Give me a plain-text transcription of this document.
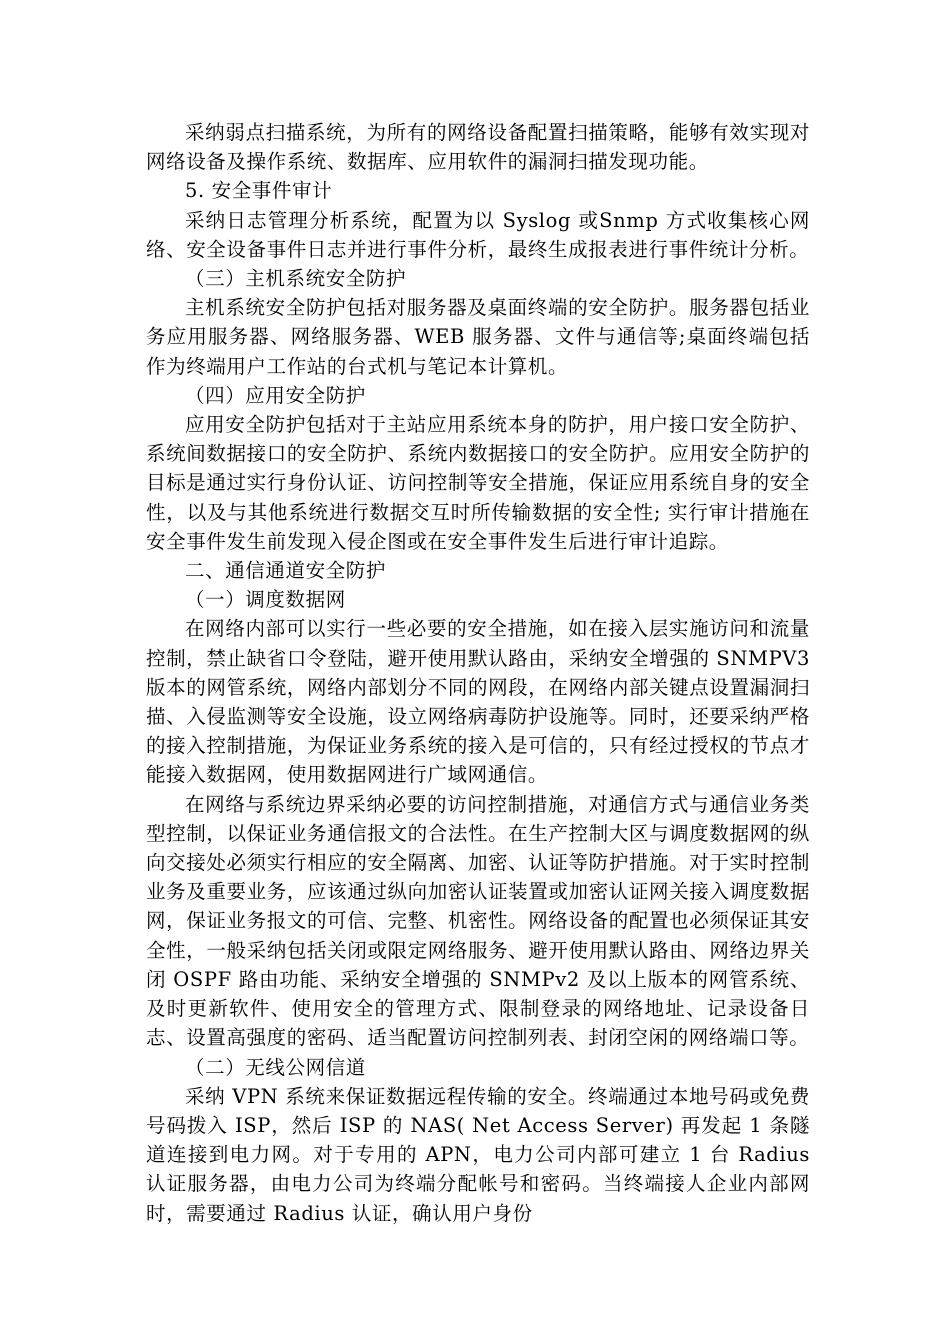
采纳弱点扫描系统，为所有的网络设备配置扫描策略，能够有效实现对网络设备及操作系统、数据库、应用软件的漏洞扫描发现功能。

5. 安全事件审计

采纳日志管理分析系统，配置为以 Syslog 或Snmp 方式收集核心网络、安全设备事件日志并进行事件分析，最终生成报表进行事件统计分析。

（三）主机系统安全防护

主机系统安全防护包括对服务器及桌面终端的安全防护。服务器包括业务应用服务器、网络服务器、WEB 服务器、文件与通信等;桌面终端包括作为终端用户工作站的台式机与笔记本计算机。

（四）应用安全防护

应用安全防护包括对于主站应用系统本身的防护，用户接口安全防护、系统间数据接口的安全防护、系统内数据接口的安全防护。应用安全防护的目标是通过实行身份认证、访问控制等安全措施，保证应用系统自身的安全性，以及与其他系统进行数据交互时所传输数据的安全性; 实行审计措施在安全事件发生前发现入侵企图或在安全事件发生后进行审计追踪。

二、通信通道安全防护

（一）调度数据网

在网络内部可以实行一些必要的安全措施，如在接入层实施访问和流量控制，禁止缺省口令登陆，避开使用默认路由，采纳安全增强的 SNMPV3 版本的网管系统，网络内部划分不同的网段，在网络内部关键点设置漏洞扫描、入侵监测等安全设施，设立网络病毒防护设施等。同时，还要采纳严格的接入控制措施，为保证业务系统的接入是可信的，只有经过授权的节点才能接入数据网，使用数据网进行广域网通信。

在网络与系统边界采纳必要的访问控制措施，对通信方式与通信业务类型控制，以保证业务通信报文的合法性。在生产控制大区与调度数据网的纵向交接处必须实行相应的安全隔离、加密、认证等防护措施。对于实时控制业务及重要业务，应该通过纵向加密认证装置或加密认证网关接入调度数据网，保证业务报文的可信、完整、机密性。网络设备的配置也必须保证其安全性，一般采纳包括关闭或限定网络服务、避开使用默认路由、网络边界关闭 OSPF 路由功能、采纳安全增强的 SNMPv2 及以上版本的网管系统、及时更新软件、使用安全的管理方式、限制登录的网络地址、记录设备日志、设置高强度的密码、适当配置访问控制列表、封闭空闲的网络端口等。

（二）无线公网信道

采纳 VPN 系统来保证数据远程传输的安全。终端通过本地号码或免费号码拨入 ISP，然后 ISP 的 NAS( Net Access Server) 再发起 1 条隧道连接到电力网。对于专用的 APN，电力公司内部可建立 1 台 Radius 认证服务器，由电力公司为终端分配帐号和密码。当终端接人企业内部网时，需要通过 Radius 认证，确认用户身份
